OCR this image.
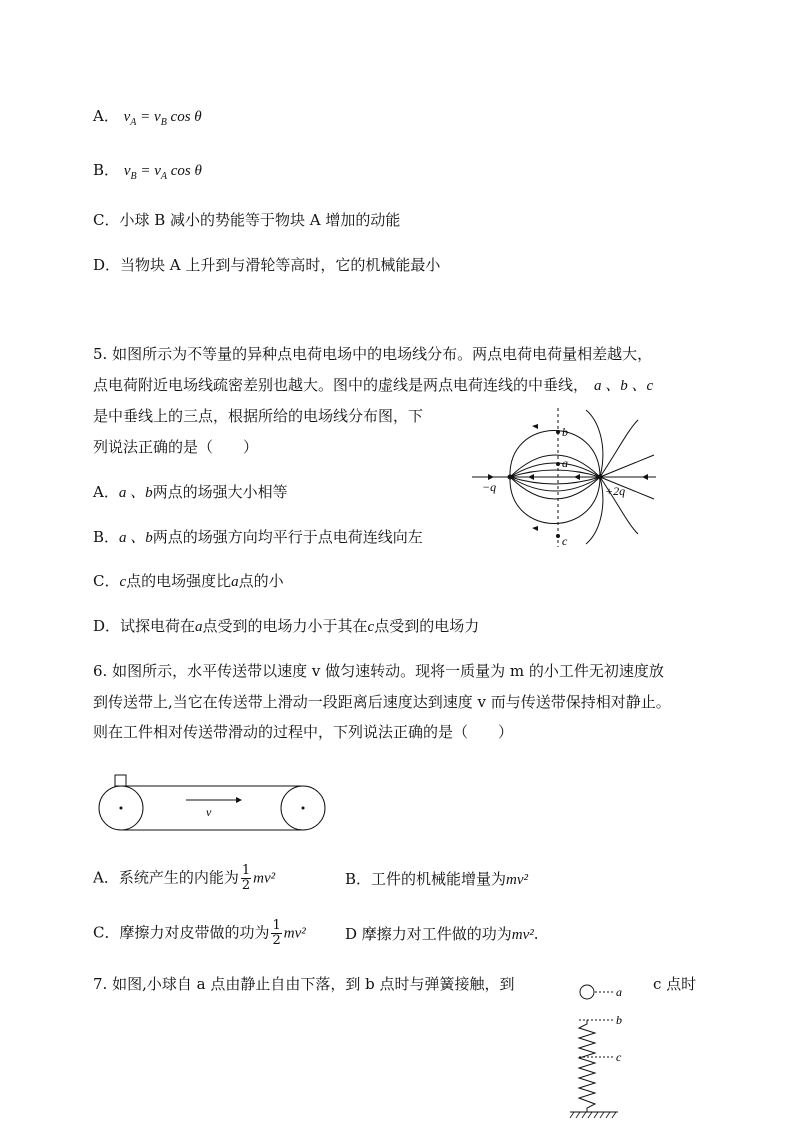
A． $v_A = v_B$ cos θ
B． $v_B = v_A$ cos θ
C．小球 B 减小的势能等于物块 A 增加的动能
D．当物块 A 上升到与滑轮等高时，它的机械能最小
5. 如图所示为不等量的异种点电荷电场中的电场线分布。两点电荷电荷量相差越大，
点电荷附近电场线疏密差别也越大。图中的虚线是两点电荷连线的中垂线， a 、b 、c
是中垂线上的三点，根据所给的电场线分布图，下
列说法正确的是（　　）
A．a 、b两点的场强大小相等
B．a 、b两点的场强方向均平行于点电荷连线向左
C．c点的电场强度比a点的小
D．试探电荷在a点受到的电场力小于其在c点受到的电场力
b
a
c
−q	+2q
6. 如图所示，水平传送带以速度 v 做匀速转动。现将一质量为 m 的小工件无初速度放
到传送带上,当它在传送带上滑动一段距离后速度达到速度 v 而与传送带保持相对静止。
则在工件相对传送带滑动的过程中，下列说法正确的是（　　）
v
A．系统产生的内能为 $\frac{1}{2} mv^2$	B．工件的机械能增量为mv²
C．摩擦力对皮带做的功为 $\frac{1}{2} mv^2$	D 摩擦力对工件做的功为mv².
7. 如图,小球自 a 点由静止自由下落，到 b 点时与弹簧接触，到	c 点时
a
b
c
